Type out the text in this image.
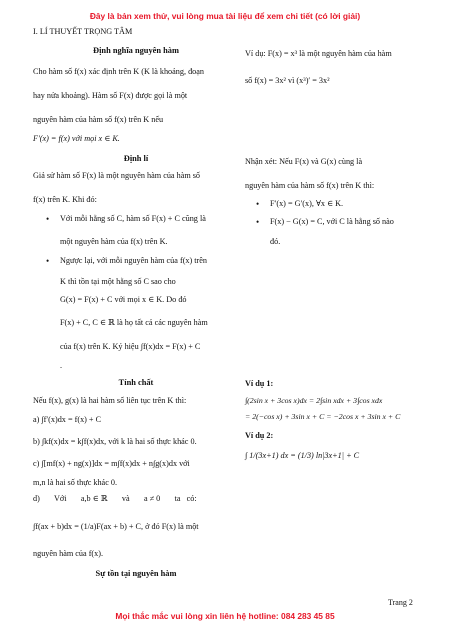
Đây là bản xem thử, vui lòng mua tài liệu để xem chi tiết (có lời giải)
I. LÍ THUYẾT TRỌNG TÂM
Định nghĩa nguyên hàm
Cho hàm số f(x) xác định trên K (K là khoảng, đoạn
hay nửa khoảng). Hàm số F(x) được gọi là một
nguyên hàm của hàm số f(x) trên K nếu
F′(x) = f(x) với mọi x ∈ K.
Ví dụ: F(x) = x³ là một nguyên hàm của hàm
số f(x) = 3x² vì (x³)′ = 3x²
Định lí
Giả sử hàm số F(x) là một nguyên hàm của hàm số
f(x) trên K. Khi đó:
• Với mỗi hằng số C, hàm số F(x) + C cũng là
một nguyên hàm của f(x) trên K.
• Ngược lại, với mỗi nguyên hàm của f(x) trên
K thì tồn tại một hằng số C sao cho
G(x) = F(x) + C với mọi x ∈ K. Do đó
F(x) + C, C ∈ ℝ là họ tất cả các nguyên hàm
của f(x) trên K. Ký hiệu ∫f(x)dx = F(x) + C
.
Nhận xét: Nếu F(x) và G(x) cùng là
nguyên hàm của hàm số f(x) trên K thì:
• F′(x) = G′(x), ∀x ∈ K.
• F(x) − G(x) = C, với C là hằng số nào
đó.
Tính chất
Nếu f(x), g(x) là hai hàm số liên tục trên K thì:
a) ∫f′(x)dx = f(x) + C
b) ∫kf(x)dx = k∫f(x)dx, với k là hai số thực khác 0.
c) ∫[mf(x) + ng(x)]dx = m∫f(x)dx + n∫g(x)dx với
m,n là hai số thực khác 0.
d)       Với       a,b ∈ ℝ       và       a ≠ 0       ta   có:
∫f(ax + b)dx = (1/a)F(ax + b) + C, ở đó F(x) là một
nguyên hàm của f(x).
Ví dụ 1:
∫(2sin x + 3cos x)dx = 2∫sin xdx + 3∫cos xdx
= 2(−cos x) + 3sin x + C = −2cos x + 3sin x + C
Ví dụ 2:
∫ 1/(3x+1) dx = (1/3) ln|3x+1| + C
Sự tồn tại nguyên hàm
Trang 2
Mọi thắc mắc vui lòng xin liên hệ hotline: 084 283 45 85
